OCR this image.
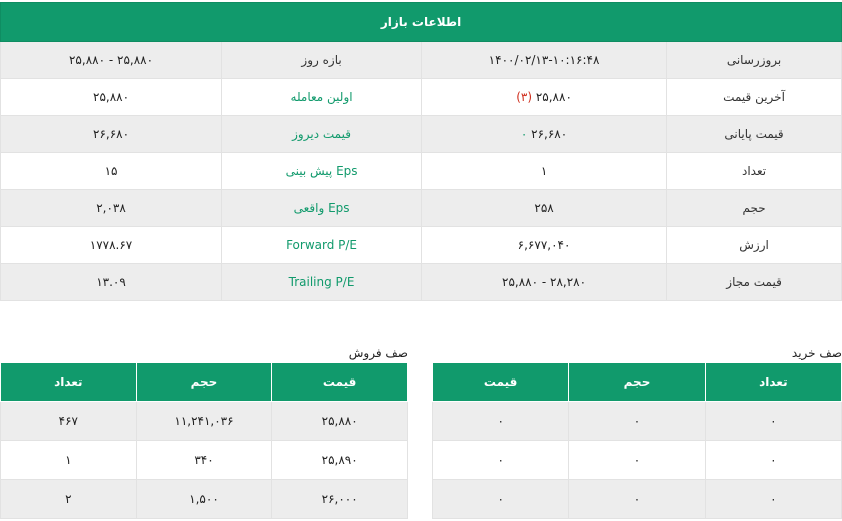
اطلاعات بازار			
بروزرسانی	۱۴۰۰/۰۲/۱۳-۱۰:۱۶:۴۸	بازه روز	۲۵,۸۸۰ - ۲۵,۸۸۰
آخرین قیمت	۲۵,۸۸۰ (۳)	اولین معامله	۲۵,۸۸۰
قیمت پایانی	۲۶,۶۸۰ ۰	قیمت دیروز	۲۶,۶۸۰
تعداد	۱	Eps پیش بینی	۱۵
حجم	۲۵۸	Eps واقعی	۲,۰۳۸
ارزش	۶,۶۷۷,۰۴۰	Forward P/E	۱۷۷۸.۶۷
قیمت مجاز	۲۸,۲۸۰ - ۲۵,۸۸۰	Trailing P/E	۱۳.۰۹
صف خرید
تعداد	حجم	قیمت
۰	۰	۰
۰	۰	۰
۰	۰	۰
صف فروش
تعداد	حجم	قیمت
۴۶۷	۱۱,۲۴۱,۰۳۶	۲۵,۸۸۰
۱	۳۴۰	۲۵,۸۹۰
۲	۱,۵۰۰	۲۶,۰۰۰
